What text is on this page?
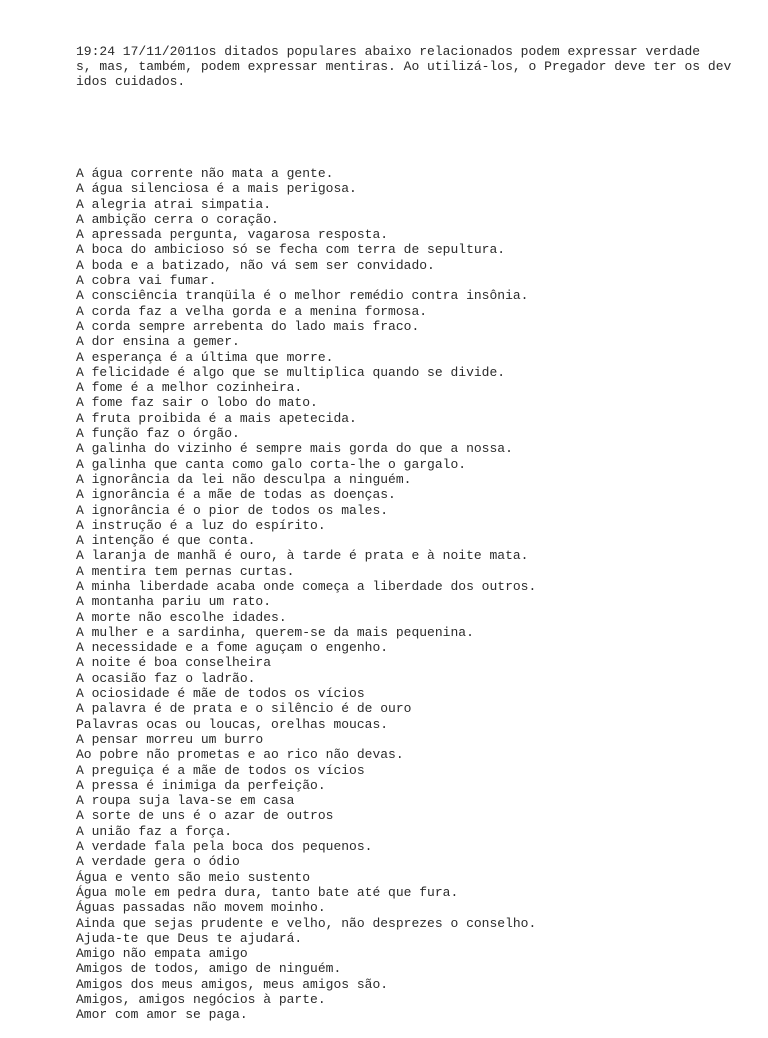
19:24 17/11/2011os ditados populares abaixo relacionados podem expressar verdade
s, mas, também, podem expressar mentiras. Ao utilizá-los, o Pregador deve ter os dev
idos cuidados.

A água corrente não mata a gente.
A água silenciosa é a mais perigosa.
A alegria atrai simpatia.
A ambição cerra o coração.
A apressada pergunta, vagarosa resposta.
A boca do ambicioso só se fecha com terra de sepultura.
A boda e a batizado, não vá sem ser convidado.
A cobra vai fumar.
A consciência tranqüila é o melhor remédio contra insônia.
A corda faz a velha gorda e a menina formosa.
A corda sempre arrebenta do lado mais fraco.
A dor ensina a gemer.
A esperança é a última que morre.
A felicidade é algo que se multiplica quando se divide.
A fome é a melhor cozinheira.
A fome faz sair o lobo do mato.
A fruta proibida é a mais apetecida.
A função faz o órgão.
A galinha do vizinho é sempre mais gorda do que a nossa.
A galinha que canta como galo corta-lhe o gargalo.
A ignorância da lei não desculpa a ninguém.
A ignorância é a mãe de todas as doenças.
A ignorância é o pior de todos os males.
A instrução é a luz do espírito.
A intenção é que conta.
A laranja de manhã é ouro, à tarde é prata e à noite mata.
A mentira tem pernas curtas.
A minha liberdade acaba onde começa a liberdade dos outros.
A montanha pariu um rato.
A morte não escolhe idades.
A mulher e a sardinha, querem-se da mais pequenina.
A necessidade e a fome aguçam o engenho.
A noite é boa conselheira
A ocasião faz o ladrão.
A ociosidade é mãe de todos os vícios
A palavra é de prata e o silêncio é de ouro
Palavras ocas ou loucas, orelhas moucas.
A pensar morreu um burro
Ao pobre não prometas e ao rico não devas.
A preguiça é a mãe de todos os vícios
A pressa é inimiga da perfeição.
A roupa suja lava-se em casa
A sorte de uns é o azar de outros
A união faz a força.
A verdade fala pela boca dos pequenos.
A verdade gera o ódio
Água e vento são meio sustento
Água mole em pedra dura, tanto bate até que fura.
Águas passadas não movem moinho.
Ainda que sejas prudente e velho, não desprezes o conselho.
Ajuda-te que Deus te ajudará.
Amigo não empata amigo
Amigos de todos, amigo de ninguém.
Amigos dos meus amigos, meus amigos são.
Amigos, amigos negócios à parte.
Amor com amor se paga.
